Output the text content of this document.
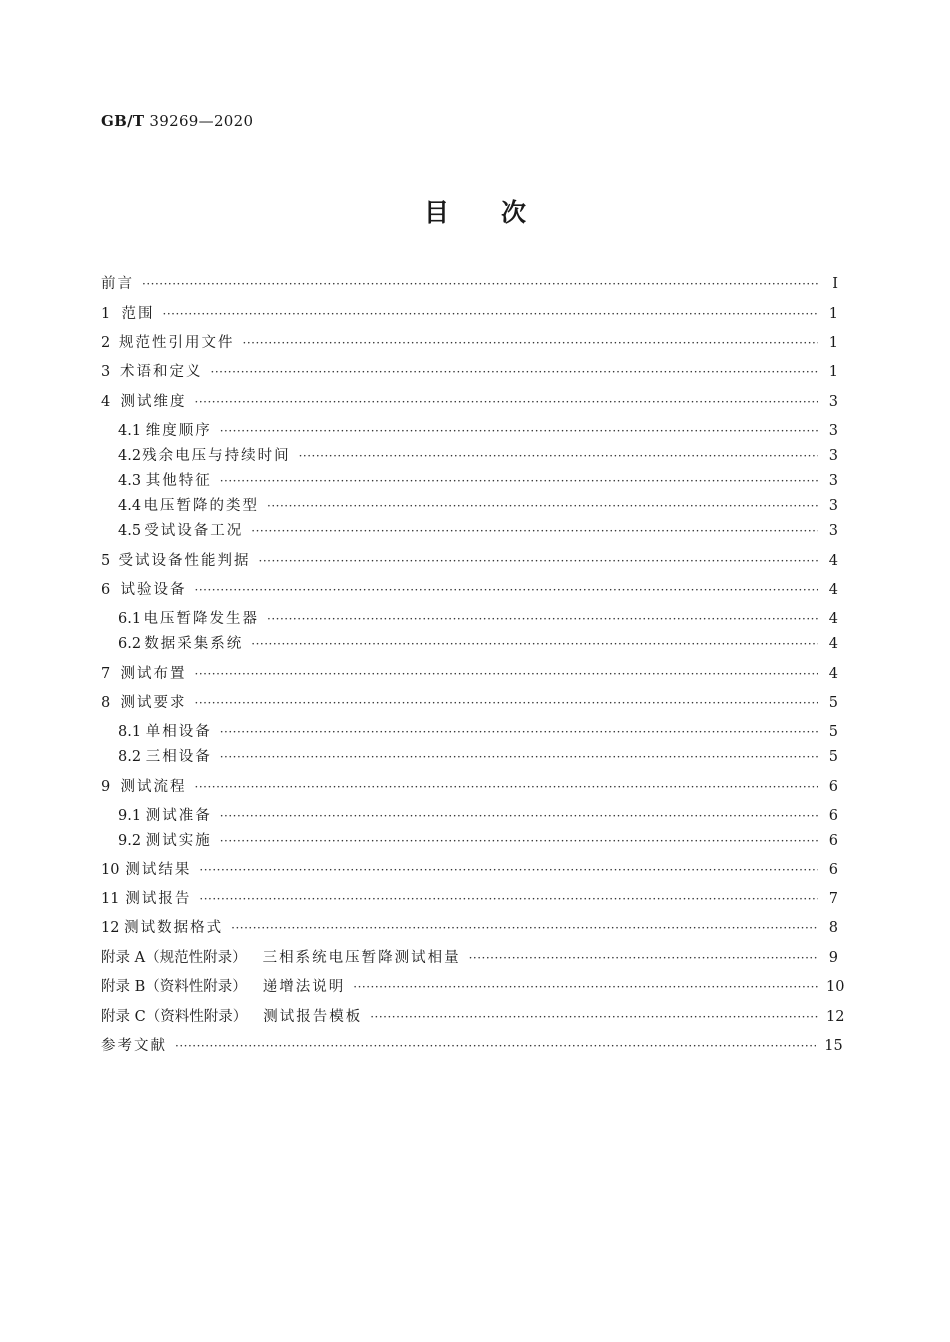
GB/T 39269—2020
目 次
前言 ·····	Ⅰ
1 范围 ·····	1
2 规范性引用文件 ·····	1
3 术语和定义 ·····	1
4 测试维度 ·····	3
4.1 维度顺序 ·····	3
4.2 残余电压与持续时间 ·····	3
4.3 其他特征 ·····	3
4.4 电压暂降的类型 ·····	3
4.5 受试设备工况 ·····	3
5 受试设备性能判据 ·····	4
6 试验设备 ·····	4
6.1 电压暂降发生器 ·····	4
6.2 数据采集系统 ·····	4
7 测试布置 ·····	4
8 测试要求 ·····	5
8.1 单相设备 ·····	5
8.2 三相设备 ·····	5
9 测试流程 ·····	6
9.1 测试准备 ·····	6
9.2 测试实施 ·····	6
10 测试结果 ·····	6
11 测试报告 ·····	7
12 测试数据格式 ·····	8
附录 A（规范性附录） 三相系统电压暂降测试相量 ·····	9
附录 B（资料性附录） 递增法说明 ·····	10
附录 C（资料性附录） 测试报告模板 ·····	12
参考文献 ·····	15
